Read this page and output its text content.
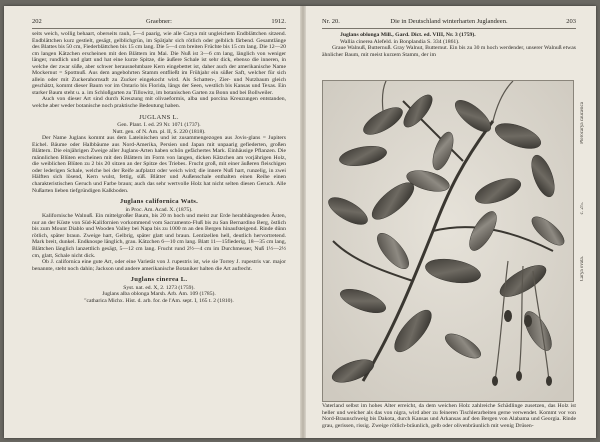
202	Graebner:	1912.

seits weich, wollig behaart, oberseits rauh, 5—4 paarig, wie alle Carya mit ungleichem Endblättchen sitzend. Endblättchen kurz gestielt, gesägt, gelblichgrün, im Spätjahr sich rötlich oder gelblich färbend. Gesamtlänge des Blattes bis 50 cm, Fiederblättchen bis 15 cm lang. Die 5—4 cm breiten Früchte bis 15 cm lang. Die 12—20 cm langen Kätzchen erscheinen mit den Blättern im Mai. Die Nuß ist 3—6 cm lang, länglich von weniger länger, rundlich und glatt und hat eine kurze Spitze, die äußere Schale ist sehr dick, ebenso die inneren, in welche der zwar süße, aber schwer herausnehmbare Kern eingebettet ist, daher auch der amerikanische Name Mockernut = Spottnuß. Aus dem angebohrten Stamm entfließt im Frühjahr ein süßer Saft, welcher für sich allein oder mit Zuckerahornsaft zu Zucker eingekocht wird. Als Schatten-, Zier- und Nutzbaum gleich geschätzt, kommt dieser Baum vor im Ontario bis Florida, längs der Seen, westlich bis Kansas und Texas. Ein starker Baum steht u. a. im Schloßgarten zu Tillowitz, im botanischen Garten zu Bonn und bei Bollweiler.

Auch von dieser Art sind durch Kreuzung mit olivaeformis, alba und porcina Kreuzungen entstanden, welche aber weder botanische noch praktische Bedeutung haben.

JUGLANS L.

Gen. Plant. I. ed. 29 Nr. 1071 (1737).

Nutt. gen. of N. Am. pl. II, S. 220 (1818).

Der Name Juglans kommt aus dem Lateinischen und ist zusammengezogen aus Jovis-glans = Jupiters Eichel. Bäume oder Halbbäume aus Nord-Amerika, Persien und Japan mit unpaarig gefiederten, großen Blättern. Die einjährigen Zweige aller Juglans-Arten haben schön gefächertes Mark. Einhäusige Pflanzen. Die männlichen Blüten erscheinen mit den Blättern im Form von langen, dicken Kätzchen am vorjährigen Holz, die weiblichen Blüten zu 2 bis 20 sitzen an der Spitze des Triebes. Frucht groß, mit einer äußeren fleischigen oder lederigen Schale, welche bei der Reife aufplatzt oder weich wird; die innere Nuß hart, runzelig, in zwei Hälften sich lösend, Kern wulst, fettig, süß. Blätter und Außenschale enthalten einen Reihe einen charakteristischen Geruch und Farbe braun; auch das sehr wertvolle Holz hat nicht selten diesen Geruch. Alle Nußarten lieben tiefgründigen Kalkboden.

Juglans californica Wats.

in Proc. Am. Acad. X. (1875).

Kalifornische Walnuß. Ein mittelgroßer Baum, bis 20 m hoch und meist zur Erde herabhängenden Ästen, nur an der Küste von Süd-Kalifornien vorkommend vom Sacramento-Fluß bis zu San Bernardino Berg, östlich bis zum Mount Diablo und Wooden Valley bei Napa bis zu 1000 m an den Bergen hinaufsteigend. Rinde dünn rötlich, später braun. Zweige hart, Gelbrig, später glatt und braun. Lentizellen hell, deutlich hervortretend. Mark breit, dunkel. Endknospe länglich, grau. Kätzchen 6—10 cm lang. Blatt 11—15fiederig, 18—35 cm lang, Blättchen länglich lanzettlich gesägt, 5—12 cm lang. Frucht rund 2½—4 cm im Durchmesser, Nuß 1½—2½ cm, glatt, Schale nicht dick.

Ob J. californica eine gute Art, oder eine Varietät von J. rupestris ist, wie sie Torrey J. rupestris var. major benannte, steht noch dahin; Jackson und andere amerikanische Botaniker halten die Art aufrecht.

Juglans cinerea L.

Syst. nat. ed. X, 2. 1273 (1759).

Juglans alba oblonga Marsh. Arb. Am. 109 (1785).

"catharica Michx. Hist. d. arb. for. de l'Am. sept. I, 165 t. 2 (1810).

Nr. 20.	Die in Deutschland winterharten Juglandeen.	203

Juglans oblonga Mill., Gard. Dict. ed. VIII, Nr. 3 (1759).

Wallia cinerea Alefeld. in Bonplandia S. 334 (1861).

Graue Walnuß, Butternuß. Gray Walnut, Butternut. Ein bis zu 30 m hoch werdender, unserer Walnuß etwas ähnlicher Baum, mit meist kurzem Stamm, der im

Pterocarya caucasica
c. 2/5.
Carya ovata.

Vaterland selbst im hohes Alter erreicht, da dem weichen Holz zahlreiche Schädlinge zusetzen, das Holz ist heller und weicher als das von nigra, wird aber zu feineren Tischlerarbeiten gerne verwendet. Kommt vor von Nord-Braunschweig bis Dakota, durch Kansas und Arkansas auf den Bergen von Alabama und Georgia. Rinde grau, gerissen, rissig. Zweige rötlich-bräunlich, gelb oder olivenbräunlich mit wenig Drüsen-
